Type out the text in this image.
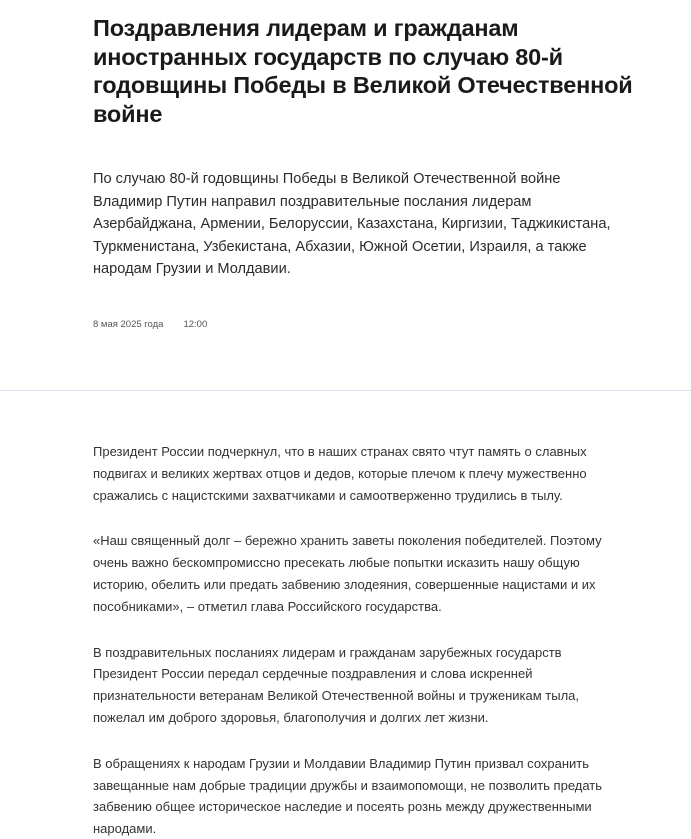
Поздравления лидерам и гражданам иностранных государств по случаю 80-й годовщины Победы в Великой Отечественной войне

По случаю 80-й годовщины Победы в Великой Отечественной войне Владимир Путин направил поздравительные послания лидерам Азербайджана, Армении, Белоруссии, Казахстана, Киргизии, Таджикистана, Туркменистана, Узбекистана, Абхазии, Южной Осетии, Израиля, а также народам Грузии и Молдавии.

8 мая 2025 года 12:00

Президент России подчеркнул, что в наших странах свято чтут память о славных подвигах и великих жертвах отцов и дедов, которые плечом к плечу мужественно сражались с нацистскими захватчиками и самоотверженно трудились в тылу.

«Наш священный долг – бережно хранить заветы поколения победителей. Поэтому очень важно бескомпромиссно пресекать любые попытки исказить нашу общую историю, обелить или предать забвению злодеяния, совершенные нацистами и их пособниками», – отметил глава Российского государства.

В поздравительных посланиях лидерам и гражданам зарубежных государств Президент России передал сердечные поздравления и слова искренней признательности ветеранам Великой Отечественной войны и труженикам тыла, пожелал им доброго здоровья, благополучия и долгих лет жизни.

В обращениях к народам Грузии и Молдавии Владимир Путин призвал сохранить завещанные нам добрые традиции дружбы и взаимопомощи, не позволить предать забвению общее историческое наследие и посеять рознь между дружественными народами.
